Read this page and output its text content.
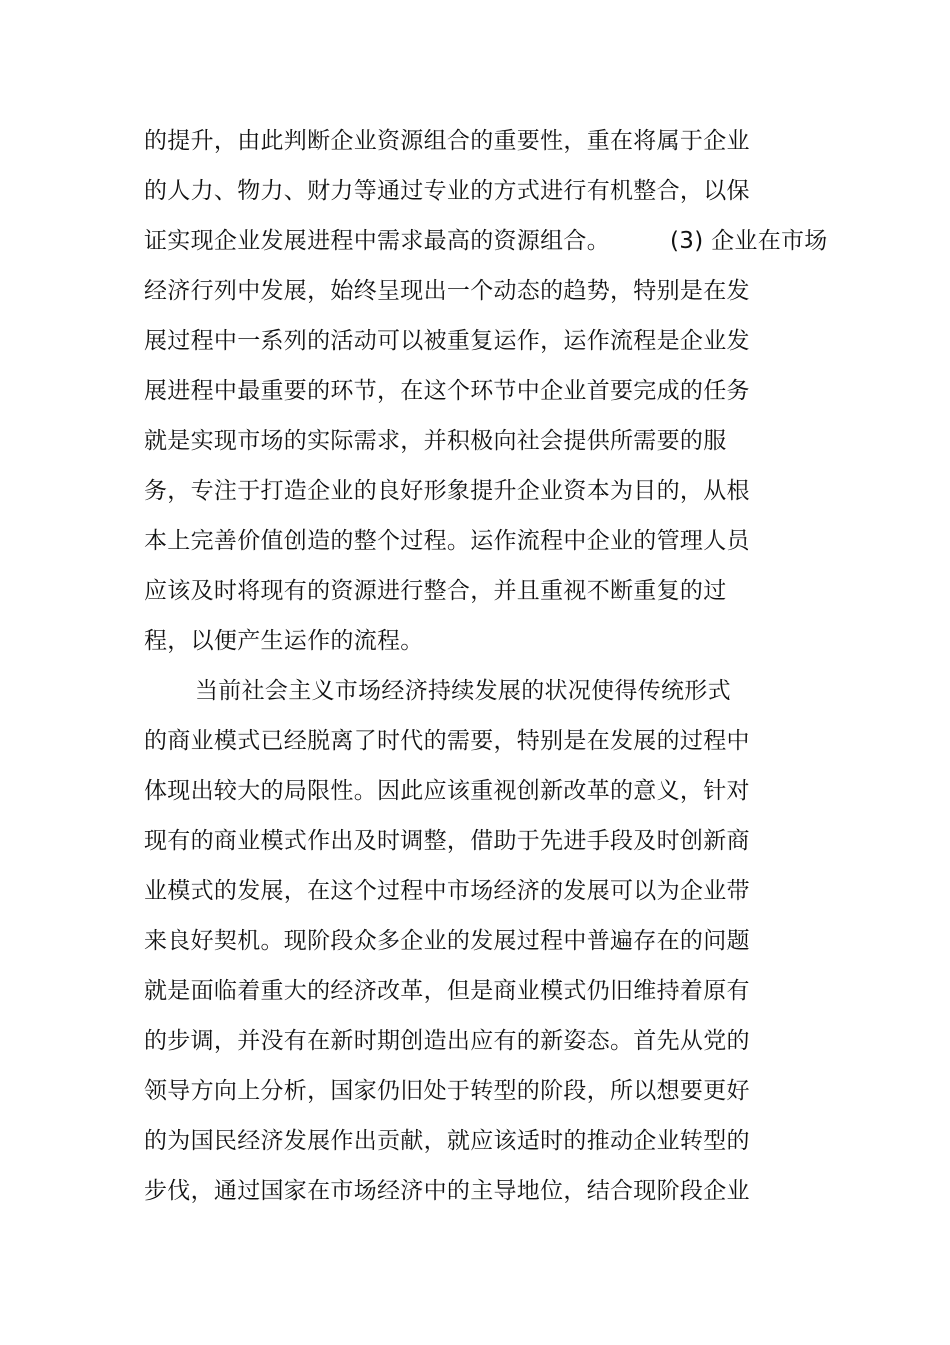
的提升，由此判断企业资源组合的重要性，重在将属于企业
的人力、物力、财力等通过专业的方式进行有机整合，以保
证实现企业发展进程中需求最高的资源组合。	(3) 企业在市场
经济行列中发展，始终呈现出一个动态的趋势，特别是在发
展过程中一系列的活动可以被重复运作，运作流程是企业发
展进程中最重要的环节，在这个环节中企业首要完成的任务
就是实现市场的实际需求，并积极向社会提供所需要的服
务，专注于打造企业的良好形象提升企业资本为目的，从根
本上完善价值创造的整个过程。运作流程中企业的管理人员
应该及时将现有的资源进行整合，并且重视不断重复的过
程，以便产生运作的流程。
当前社会主义市场经济持续发展的状况使得传统形式
的商业模式已经脱离了时代的需要，特别是在发展的过程中
体现出较大的局限性。因此应该重视创新改革的意义，针对
现有的商业模式作出及时调整，借助于先进手段及时创新商
业模式的发展，在这个过程中市场经济的发展可以为企业带
来良好契机。现阶段众多企业的发展过程中普遍存在的问题
就是面临着重大的经济改革，但是商业模式仍旧维持着原有
的步调，并没有在新时期创造出应有的新姿态。首先从党的
领导方向上分析，国家仍旧处于转型的阶段，所以想要更好
的为国民经济发展作出贡献，就应该适时的推动企业转型的
步伐，通过国家在市场经济中的主导地位，结合现阶段企业
